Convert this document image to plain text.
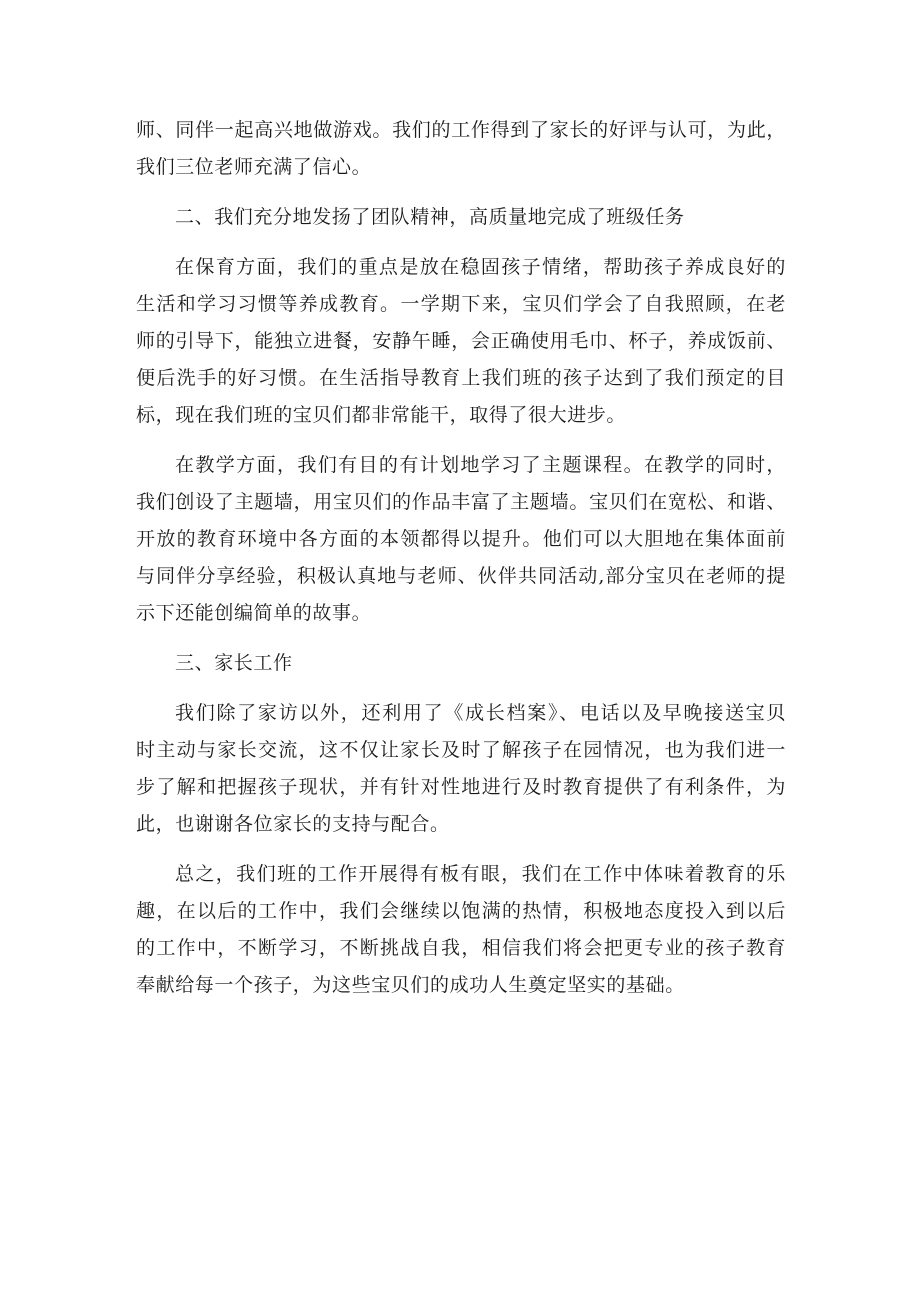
师、同伴一起高兴地做游戏。我们的工作得到了家长的好评与认可，为此，
我们三位老师充满了信心。
二、我们充分地发扬了团队精神，高质量地完成了班级任务
在保育方面，我们的重点是放在稳固孩子情绪，帮助孩子养成良好的
生活和学习习惯等养成教育。一学期下来，宝贝们学会了自我照顾，在老
师的引导下，能独立进餐，安静午睡，会正确使用毛巾、杯子，养成饭前、
便后洗手的好习惯。在生活指导教育上我们班的孩子达到了我们预定的目
标，现在我们班的宝贝们都非常能干，取得了很大进步。
在教学方面，我们有目的有计划地学习了主题课程。在教学的同时，
我们创设了主题墙，用宝贝们的作品丰富了主题墙。宝贝们在宽松、和谐、
开放的教育环境中各方面的本领都得以提升。他们可以大胆地在集体面前
与同伴分享经验，积极认真地与老师、伙伴共同活动,部分宝贝在老师的提
示下还能创编简单的故事。
三、家长工作
我们除了家访以外，还利用了《成长档案》、电话以及早晚接送宝贝
时主动与家长交流，这不仅让家长及时了解孩子在园情况，也为我们进一
步了解和把握孩子现状，并有针对性地进行及时教育提供了有利条件，为
此，也谢谢各位家长的支持与配合。
总之，我们班的工作开展得有板有眼，我们在工作中体味着教育的乐
趣，在以后的工作中，我们会继续以饱满的热情，积极地态度投入到以后
的工作中，不断学习，不断挑战自我，相信我们将会把更专业的孩子教育
奉献给每一个孩子，为这些宝贝们的成功人生奠定坚实的基础。
